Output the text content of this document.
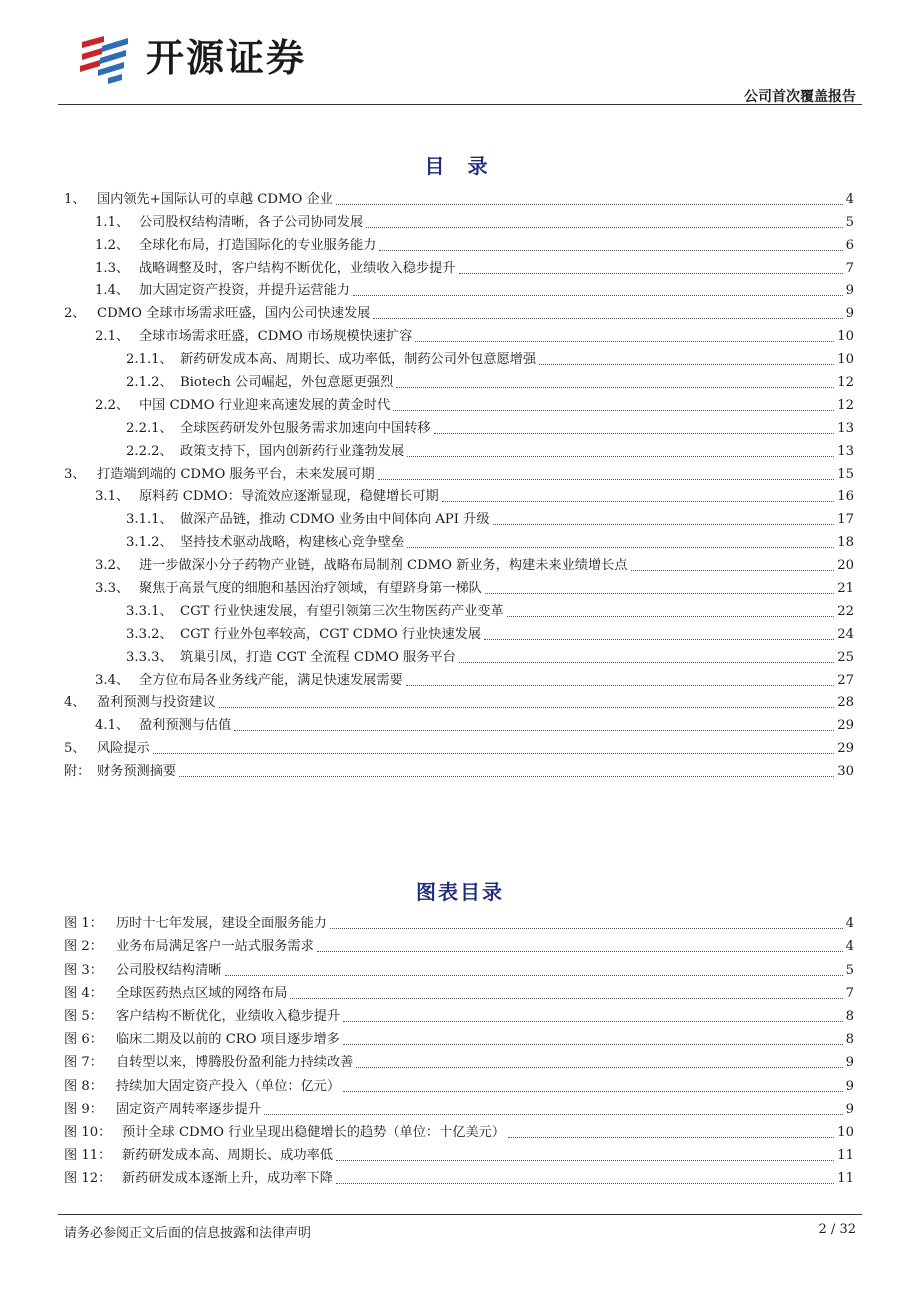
开源证券
公司首次覆盖报告
目 录
1、 国内领先+国际认可的卓越 CDMO 企业	4
1.1、 公司股权结构清晰，各子公司协同发展	5
1.2、 全球化布局，打造国际化的专业服务能力	6
1.3、 战略调整及时，客户结构不断优化，业绩收入稳步提升	7
1.4、 加大固定资产投资，并提升运营能力	9
2、 CDMO 全球市场需求旺盛，国内公司快速发展	9
2.1、 全球市场需求旺盛，CDMO 市场规模快速扩容	10
2.1.1、 新药研发成本高、周期长、成功率低，制药公司外包意愿增强	10
2.1.2、 Biotech 公司崛起，外包意愿更强烈	12
2.2、 中国 CDMO 行业迎来高速发展的黄金时代	12
2.2.1、 全球医药研发外包服务需求加速向中国转移	13
2.2.2、 政策支持下，国内创新药行业蓬勃发展	13
3、 打造端到端的 CDMO 服务平台，未来发展可期	15
3.1、 原料药 CDMO：导流效应逐渐显现，稳健增长可期	16
3.1.1、 做深产品链，推动 CDMO 业务由中间体向 API 升级	17
3.1.2、 坚持技术驱动战略，构建核心竞争壁垒	18
3.2、 进一步做深小分子药物产业链，战略布局制剂 CDMO 新业务，构建未来业绩增长点	20
3.3、 聚焦于高景气度的细胞和基因治疗领域，有望跻身第一梯队	21
3.3.1、 CGT 行业快速发展，有望引领第三次生物医药产业变革	22
3.3.2、 CGT 行业外包率较高，CGT CDMO 行业快速发展	24
3.3.3、 筑巢引凤，打造 CGT 全流程 CDMO 服务平台	25
3.4、 全方位布局各业务线产能，满足快速发展需要	27
4、 盈利预测与投资建议	28
4.1、 盈利预测与估值	29
5、 风险提示	29
附： 财务预测摘要	30
图表目录
图 1： 历时十七年发展，建设全面服务能力	4
图 2： 业务布局满足客户一站式服务需求	4
图 3： 公司股权结构清晰	5
图 4： 全球医药热点区域的网络布局	7
图 5： 客户结构不断优化，业绩收入稳步提升	8
图 6： 临床二期及以前的 CRO 项目逐步增多	8
图 7： 自转型以来，博腾股份盈利能力持续改善	9
图 8： 持续加大固定资产投入（单位：亿元）	9
图 9： 固定资产周转率逐步提升	9
图 10： 预计全球 CDMO 行业呈现出稳健增长的趋势（单位：十亿美元）	10
图 11： 新药研发成本高、周期长、成功率低	11
图 12： 新药研发成本逐渐上升，成功率下降	11
请务必参阅正文后面的信息披露和法律声明	2 / 32
